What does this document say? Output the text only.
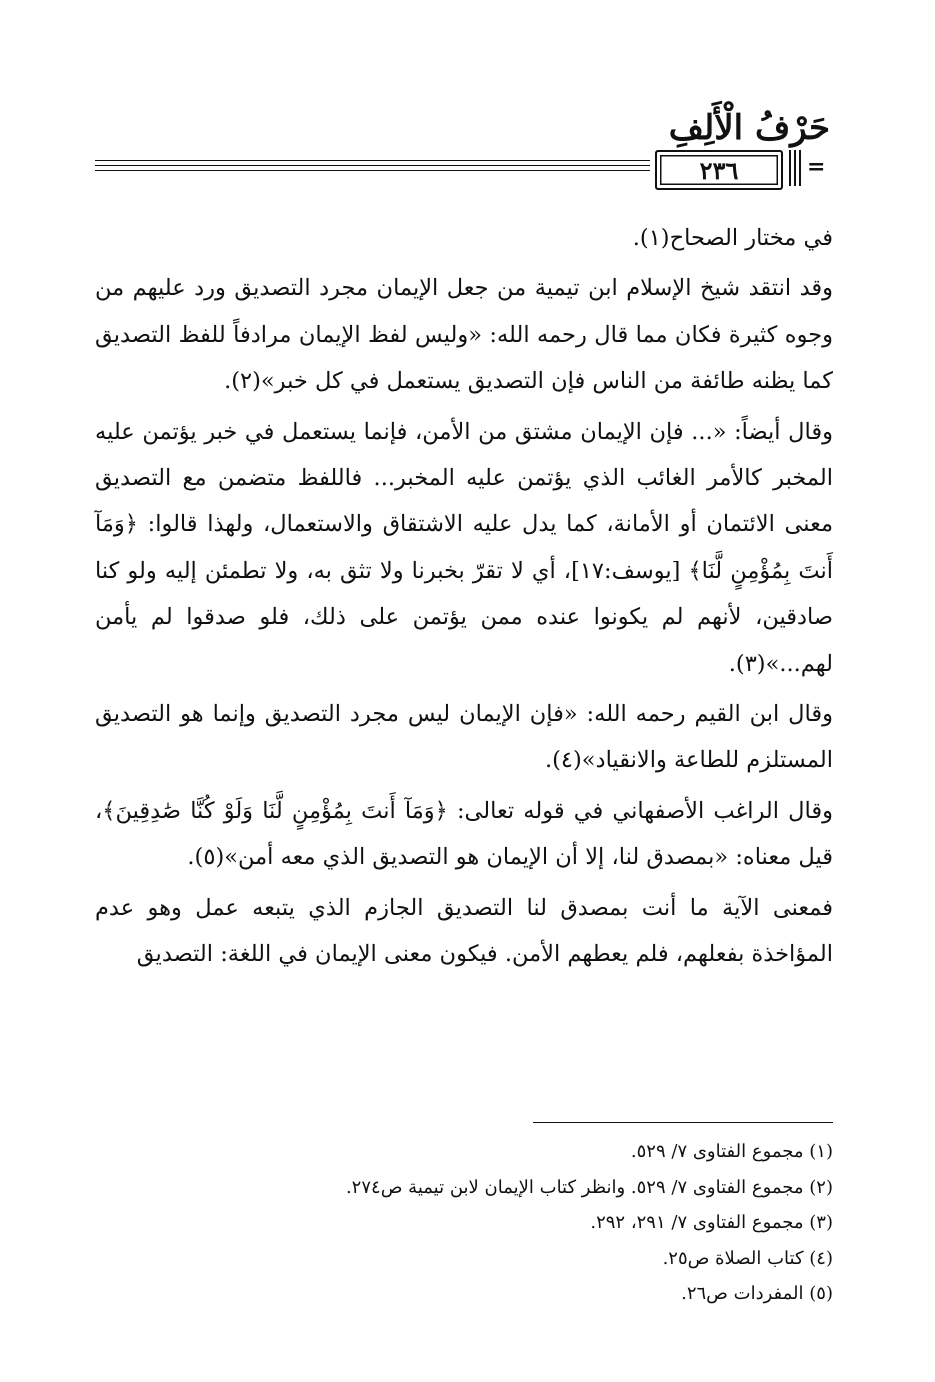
حَرْفُ الْأَلِفِ
٢٣٦	=

في مختار الصحاح(١).

وقد انتقد شيخ الإسلام ابن تيمية من جعل الإيمان مجرد التصديق ورد عليهم من وجوه كثيرة فكان مما قال رحمه الله: «وليس لفظ الإيمان مرادفاً للفظ التصديق كما يظنه طائفة من الناس فإن التصديق يستعمل في كل خبر»(٢).

وقال أيضاً: «... فإن الإيمان مشتق من الأمن، فإنما يستعمل في خبر يؤتمن عليه المخبر كالأمر الغائب الذي يؤتمن عليه المخبر... فاللفظ متضمن مع التصديق معنى الائتمان أو الأمانة، كما يدل عليه الاشتقاق والاستعمال، ولهذا قالوا: ﴿وَمَآ أَنتَ بِمُؤْمِنٍ لَّنَا﴾ [يوسف:١٧]، أي لا تقرّ بخبرنا ولا تثق به، ولا تطمئن إليه ولو كنا صادقين، لأنهم لم يكونوا عنده ممن يؤتمن على ذلك، فلو صدقوا لم يأمن لهم...»(٣).

وقال ابن القيم رحمه الله: «فإن الإيمان ليس مجرد التصديق وإنما هو التصديق المستلزم للطاعة والانقياد»(٤).

وقال الراغب الأصفهاني في قوله تعالى: ﴿وَمَآ أَنتَ بِمُؤْمِنٍ لَّنَا وَلَوْ كُنَّا صَٰدِقِينَ﴾، قيل معناه: «بمصدق لنا، إلا أن الإيمان هو التصديق الذي معه أمن»(٥).

فمعنى الآية ما أنت بمصدق لنا التصديق الجازم الذي يتبعه عمل وهو عدم المؤاخذة بفعلهم، فلم يعطهم الأمن. فيكون معنى الإيمان في اللغة: التصديق

(١) مجموع الفتاوى ٧/ ٥٢٩.
(٢) مجموع الفتاوى ٧/ ٥٢٩. وانظر كتاب الإيمان لابن تيمية ص٢٧٤.
(٣) مجموع الفتاوى ٧/ ٢٩١، ٢٩٢.
(٤) كتاب الصلاة ص٢٥.
(٥) المفردات ص٢٦.
